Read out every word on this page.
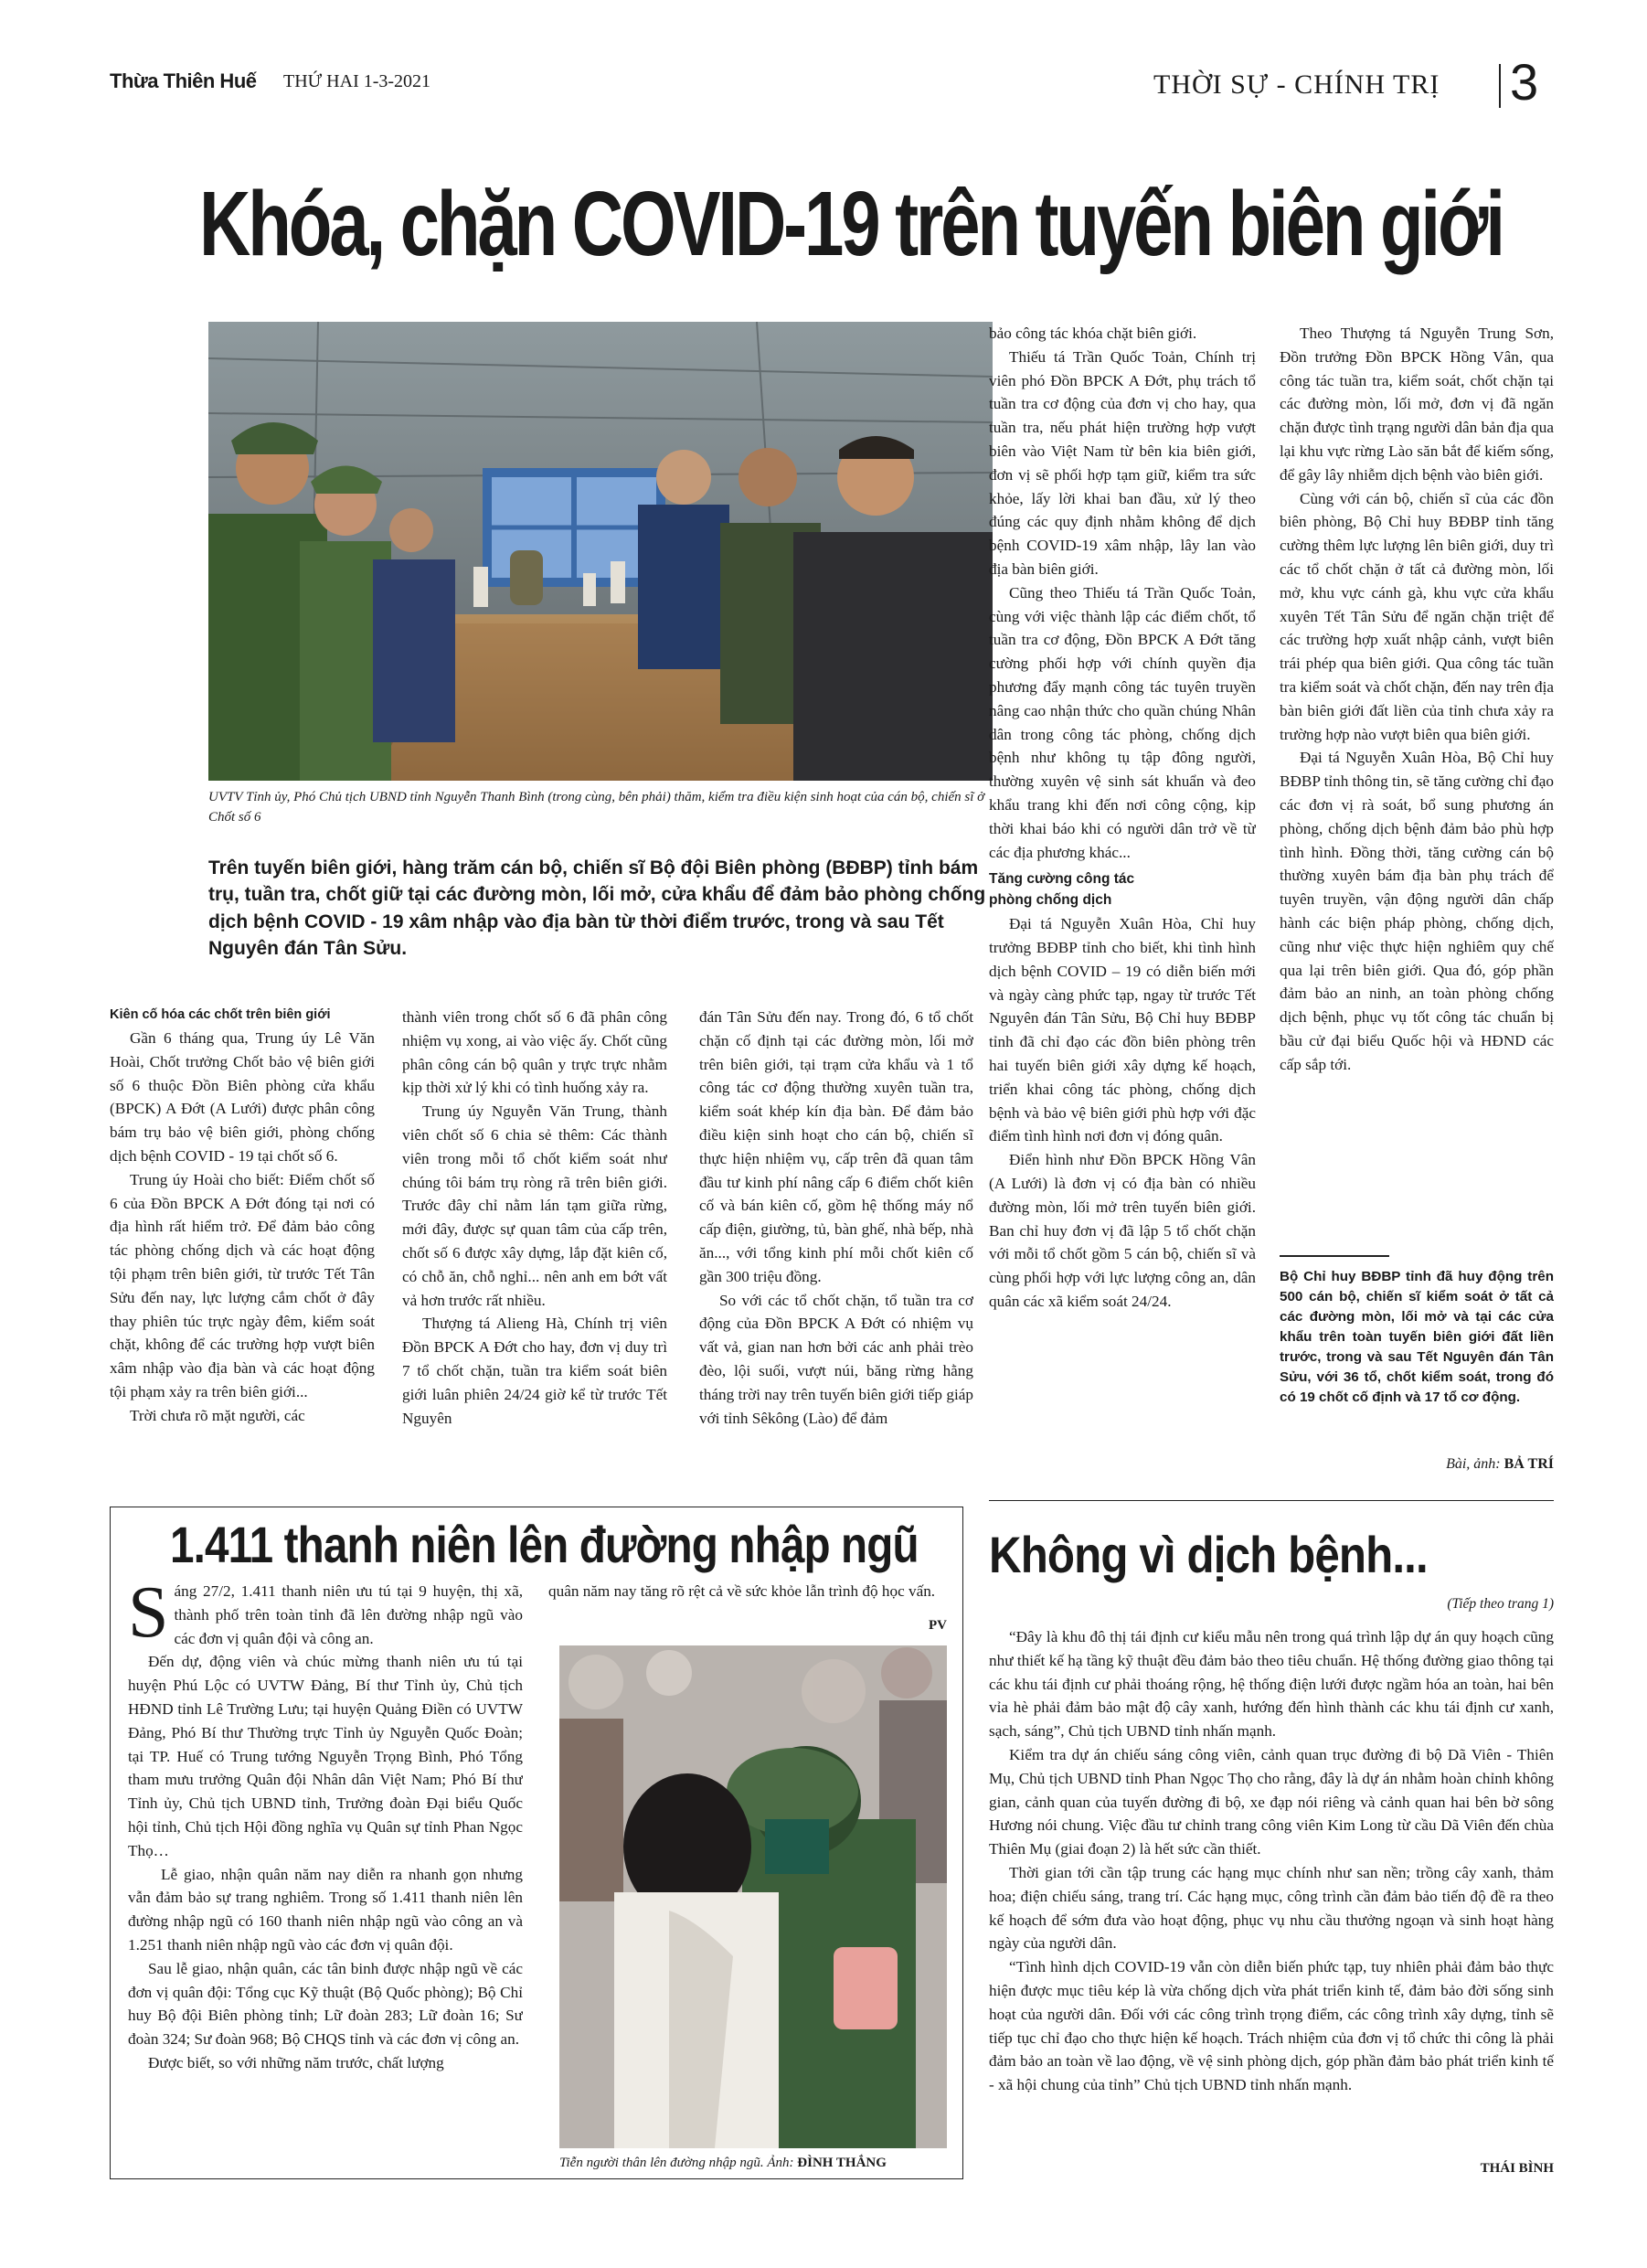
Thừa Thiên Huế THỨ HAI 1-3-2021	THỜI SỰ - CHÍNH TRỊ 3
Khóa, chặn COVID-19 trên tuyến biên giới
UVTV Tỉnh ủy, Phó Chủ tịch UBND tỉnh Nguyễn Thanh Bình (trong cùng, bên phải) thăm, kiểm tra điều kiện sinh hoạt của cán bộ, chiến sĩ ở Chốt số 6
Trên tuyến biên giới, hàng trăm cán bộ, chiến sĩ Bộ đội Biên phòng (BĐBP) tỉnh bám trụ, tuần tra, chốt giữ tại các đường mòn, lối mở, cửa khẩu để đảm bảo phòng chống dịch bệnh COVID - 19 xâm nhập vào địa bàn từ thời điểm trước, trong và sau Tết Nguyên đán Tân Sửu.
Kiên cố hóa các chốt trên biên giới

Gần 6 tháng qua, Trung úy Lê Văn Hoài, Chốt trưởng Chốt bảo vệ biên giới số 6 thuộc Đồn Biên phòng cửa khẩu (BPCK) A Đớt (A Lưới) được phân công bám trụ bảo vệ biên giới, phòng chống dịch bệnh COVID - 19 tại chốt số 6.

Trung úy Hoài cho biết: Điểm chốt số 6 của Đồn BPCK A Đớt đóng tại nơi có địa hình rất hiểm trở. Để đảm bảo công tác phòng chống dịch và các hoạt động tội phạm trên biên giới, từ trước Tết Tân Sửu đến nay, lực lượng cắm chốt ở đây thay phiên túc trực ngày đêm, kiểm soát chặt, không để các trường hợp vượt biên xâm nhập vào địa bàn và các hoạt động tội phạm xảy ra trên biên giới...

Trời chưa rõ mặt người, các

thành viên trong chốt số 6 đã phân công nhiệm vụ xong, ai vào việc ấy. Chốt cũng phân công cán bộ quân y trực trực nhằm kịp thời xử lý khi có tình huống xảy ra.

Trung úy Nguyễn Văn Trung, thành viên chốt số 6 chia sẻ thêm: Các thành viên trong mỗi tổ chốt kiểm soát như chúng tôi bám trụ ròng rã trên biên giới. Trước đây chỉ nằm lán tạm giữa rừng, mới đây, được sự quan tâm của cấp trên, chốt số 6 được xây dựng, lắp đặt kiên cố, có chỗ ăn, chỗ nghỉ... nên anh em bớt vất vả hơn trước rất nhiều.

Thượng tá Alieng Hà, Chính trị viên Đồn BPCK A Đớt cho hay, đơn vị duy trì 7 tổ chốt chặn, tuần tra kiểm soát biên giới luân phiên 24/24 giờ kể từ trước Tết Nguyên

đán Tân Sửu đến nay. Trong đó, 6 tổ chốt chặn cố định tại các đường mòn, lối mở trên biên giới, tại trạm cửa khẩu và 1 tổ công tác cơ động thường xuyên tuần tra, kiểm soát khép kín địa bàn. Để đảm bảo điều kiện sinh hoạt cho cán bộ, chiến sĩ thực hiện nhiệm vụ, cấp trên đã quan tâm đầu tư kinh phí nâng cấp 6 điểm chốt kiên cố và bán kiên cố, gồm hệ thống máy nổ cấp điện, giường, tủ, bàn ghế, nhà bếp, nhà ăn..., với tổng kinh phí mỗi chốt kiên cố gần 300 triệu đồng.

So với các tổ chốt chặn, tổ tuần tra cơ động của Đồn BPCK A Đớt có nhiệm vụ vất vả, gian nan hơn bởi các anh phải trèo đèo, lội suối, vượt núi, băng rừng hằng tháng trời nay trên tuyến biên giới tiếp giáp với tỉnh Sêkông (Lào) để đảm

bảo công tác khóa chặt biên giới.

Thiếu tá Trần Quốc Toản, Chính trị viên phó Đồn BPCK A Đớt, phụ trách tổ tuần tra cơ động của đơn vị cho hay, qua tuần tra, nếu phát hiện trường hợp vượt biên vào Việt Nam từ bên kia biên giới, đơn vị sẽ phối hợp tạm giữ, kiểm tra sức khỏe, lấy lời khai ban đầu, xử lý theo đúng các quy định nhằm không để dịch bệnh COVID-19 xâm nhập, lây lan vào địa bàn biên giới.

Cũng theo Thiếu tá Trần Quốc Toản, cùng với việc thành lập các điểm chốt, tổ tuần tra cơ động, Đồn BPCK A Đớt tăng cường phối hợp với chính quyền địa phương đẩy mạnh công tác tuyên truyền nâng cao nhận thức cho quần chúng Nhân dân trong công tác phòng, chống dịch bệnh như không tụ tập đông người, thường xuyên vệ sinh sát khuẩn và đeo khẩu trang khi đến nơi công cộng, kịp thời khai báo khi có người dân trở về từ các địa phương khác...

Tăng cường công tác phòng chống dịch

Đại tá Nguyễn Xuân Hòa, Chỉ huy trưởng BĐBP tỉnh cho biết, khi tình hình dịch bệnh COVID – 19 có diễn biến mới và ngày càng phức tạp, ngay từ trước Tết Nguyên đán Tân Sửu, Bộ Chỉ huy BĐBP tỉnh đã chỉ đạo các đồn biên phòng trên hai tuyến biên giới xây dựng kế hoạch, triển khai công tác phòng, chống dịch bệnh và bảo vệ biên giới phù hợp với đặc điểm tình hình nơi đơn vị đóng quân.

Điển hình như Đồn BPCK Hồng Vân (A Lưới) là đơn vị có địa bàn có nhiều đường mòn, lối mở trên tuyến biên giới. Ban chỉ huy đơn vị đã lập 5 tổ chốt chặn với mỗi tổ chốt gồm 5 cán bộ, chiến sĩ và cùng phối hợp với lực lượng công an, dân quân các xã kiểm soát 24/24.

Theo Thượng tá Nguyễn Trung Sơn, Đồn trưởng Đồn BPCK Hồng Vân, qua công tác tuần tra, kiểm soát, chốt chặn tại các đường mòn, lối mở, đơn vị đã ngăn chặn được tình trạng người dân bản địa qua lại khu vực rừng Lào săn bắt để kiếm sống, để gây lây nhiễm dịch bệnh vào biên giới.

Cùng với cán bộ, chiến sĩ của các đồn biên phòng, Bộ Chỉ huy BĐBP tỉnh tăng cường thêm lực lượng lên biên giới, duy trì các tổ chốt chặn ở tất cả đường mòn, lối mở, khu vực cánh gà, khu vực cửa khẩu xuyên Tết Tân Sửu để ngăn chặn triệt để các trường hợp xuất nhập cảnh, vượt biên trái phép qua biên giới. Qua công tác tuần tra kiểm soát và chốt chặn, đến nay trên địa bàn biên giới đất liền của tỉnh chưa xảy ra trường hợp nào vượt biên qua biên giới.

Đại tá Nguyễn Xuân Hòa, Bộ Chỉ huy BĐBP tỉnh thông tin, sẽ tăng cường chỉ đạo các đơn vị rà soát, bổ sung phương án phòng, chống dịch bệnh đảm bảo phù hợp tình hình. Đồng thời, tăng cường cán bộ thường xuyên bám địa bàn phụ trách để tuyên truyền, vận động người dân chấp hành các biện pháp phòng, chống dịch, cũng như việc thực hiện nghiêm quy chế qua lại trên biên giới. Qua đó, góp phần đảm bảo an ninh, an toàn phòng chống dịch bệnh, phục vụ tốt công tác chuẩn bị bầu cử đại biểu Quốc hội và HĐND các cấp sắp tới.

Bộ Chỉ huy BĐBP tỉnh đã huy động trên 500 cán bộ, chiến sĩ kiểm soát ở tất cả các đường mòn, lối mở và tại các cửa khẩu trên toàn tuyến biên giới đất liền trước, trong và sau Tết Nguyên đán Tân Sửu, với 36 tổ, chốt kiểm soát, trong đó có 19 chốt cố định và 17 tổ cơ động.
Bài, ảnh: BẢ TRÍ
1.411 thanh niên lên đường nhập ngũ

S áng 27/2, 1.411 thanh niên ưu tú tại 9 huyện, thị xã, thành phố trên toàn tỉnh đã lên đường nhập ngũ vào các đơn vị quân đội và công an.

Đến dự, động viên và chúc mừng thanh niên ưu tú tại huyện Phú Lộc có UVTW Đảng, Bí thư Tỉnh ủy, Chủ tịch HĐND tỉnh Lê Trường Lưu; tại huyện Quảng Điền có UVTW Đảng, Phó Bí thư Thường trực Tỉnh ủy Nguyễn Quốc Đoàn; tại TP. Huế có Trung tướng Nguyễn Trọng Bình, Phó Tổng tham mưu trưởng Quân đội Nhân dân Việt Nam; Phó Bí thư Tỉnh ủy, Chủ tịch UBND tỉnh, Trưởng đoàn Đại biểu Quốc hội tỉnh, Chủ tịch Hội đồng nghĩa vụ Quân sự tỉnh Phan Ngọc Thọ…

Lễ giao, nhận quân năm nay diễn ra nhanh gọn nhưng vẫn đảm bảo sự trang nghiêm. Trong số 1.411 thanh niên lên đường nhập ngũ có 160 thanh niên nhập ngũ vào công an và 1.251 thanh niên nhập ngũ vào các đơn vị quân đội.

Sau lễ giao, nhận quân, các tân binh được nhập ngũ về các đơn vị quân đội: Tổng cục Kỹ thuật (Bộ Quốc phòng); Bộ Chỉ huy Bộ đội Biên phòng tỉnh; Lữ đoàn 283; Lữ đoàn 16; Sư đoàn 324; Sư đoàn 968; Bộ CHQS tỉnh và các đơn vị công an.

Được biết, so với những năm trước, chất lượng

quân năm nay tăng rõ rệt cả về sức khỏe lẫn trình độ học vấn.
PV
Tiễn người thân lên đường nhập ngũ. Ảnh: ĐÌNH THẮNG
Không vì dịch bệnh...
(Tiếp theo trang 1)

“Đây là khu đô thị tái định cư kiểu mẫu nên trong quá trình lập dự án quy hoạch cũng như thiết kế hạ tầng kỹ thuật đều đảm bảo theo tiêu chuẩn. Hệ thống đường giao thông tại các khu tái định cư phải thoáng rộng, hệ thống điện lưới được ngầm hóa an toàn, hai bên vỉa hè phải đảm bảo mật độ cây xanh, hướng đến hình thành các khu tái định cư xanh, sạch, sáng”, Chủ tịch UBND tỉnh nhấn mạnh.

Kiểm tra dự án chiếu sáng công viên, cảnh quan trục đường đi bộ Dã Viên - Thiên Mụ, Chủ tịch UBND tỉnh Phan Ngọc Thọ cho rằng, đây là dự án nhằm hoàn chỉnh không gian, cảnh quan của tuyến đường đi bộ, xe đạp nói riêng và cảnh quan hai bên bờ sông Hương nói chung. Việc đầu tư chỉnh trang công viên Kim Long từ cầu Dã Viên đến chùa Thiên Mụ (giai đoạn 2) là hết sức cần thiết.

Thời gian tới cần tập trung các hạng mục chính như san nền; trồng cây xanh, thảm hoa; điện chiếu sáng, trang trí. Các hạng mục, công trình cần đảm bảo tiến độ đề ra theo kế hoạch để sớm đưa vào hoạt động, phục vụ nhu cầu thưởng ngoạn và sinh hoạt hàng ngày của người dân.

“Tình hình dịch COVID-19 vẫn còn diễn biến phức tạp, tuy nhiên phải đảm bảo thực hiện được mục tiêu kép là vừa chống dịch vừa phát triển kinh tế, đảm bảo đời sống sinh hoạt của người dân. Đối với các công trình trọng điểm, các công trình xây dựng, tỉnh sẽ tiếp tục chỉ đạo cho thực hiện kế hoạch. Trách nhiệm của đơn vị tổ chức thi công là phải đảm bảo an toàn về lao động, về vệ sinh phòng dịch, góp phần đảm bảo phát triển kinh tế - xã hội chung của tỉnh” Chủ tịch UBND tỉnh nhấn mạnh.

THÁI BÌNH
